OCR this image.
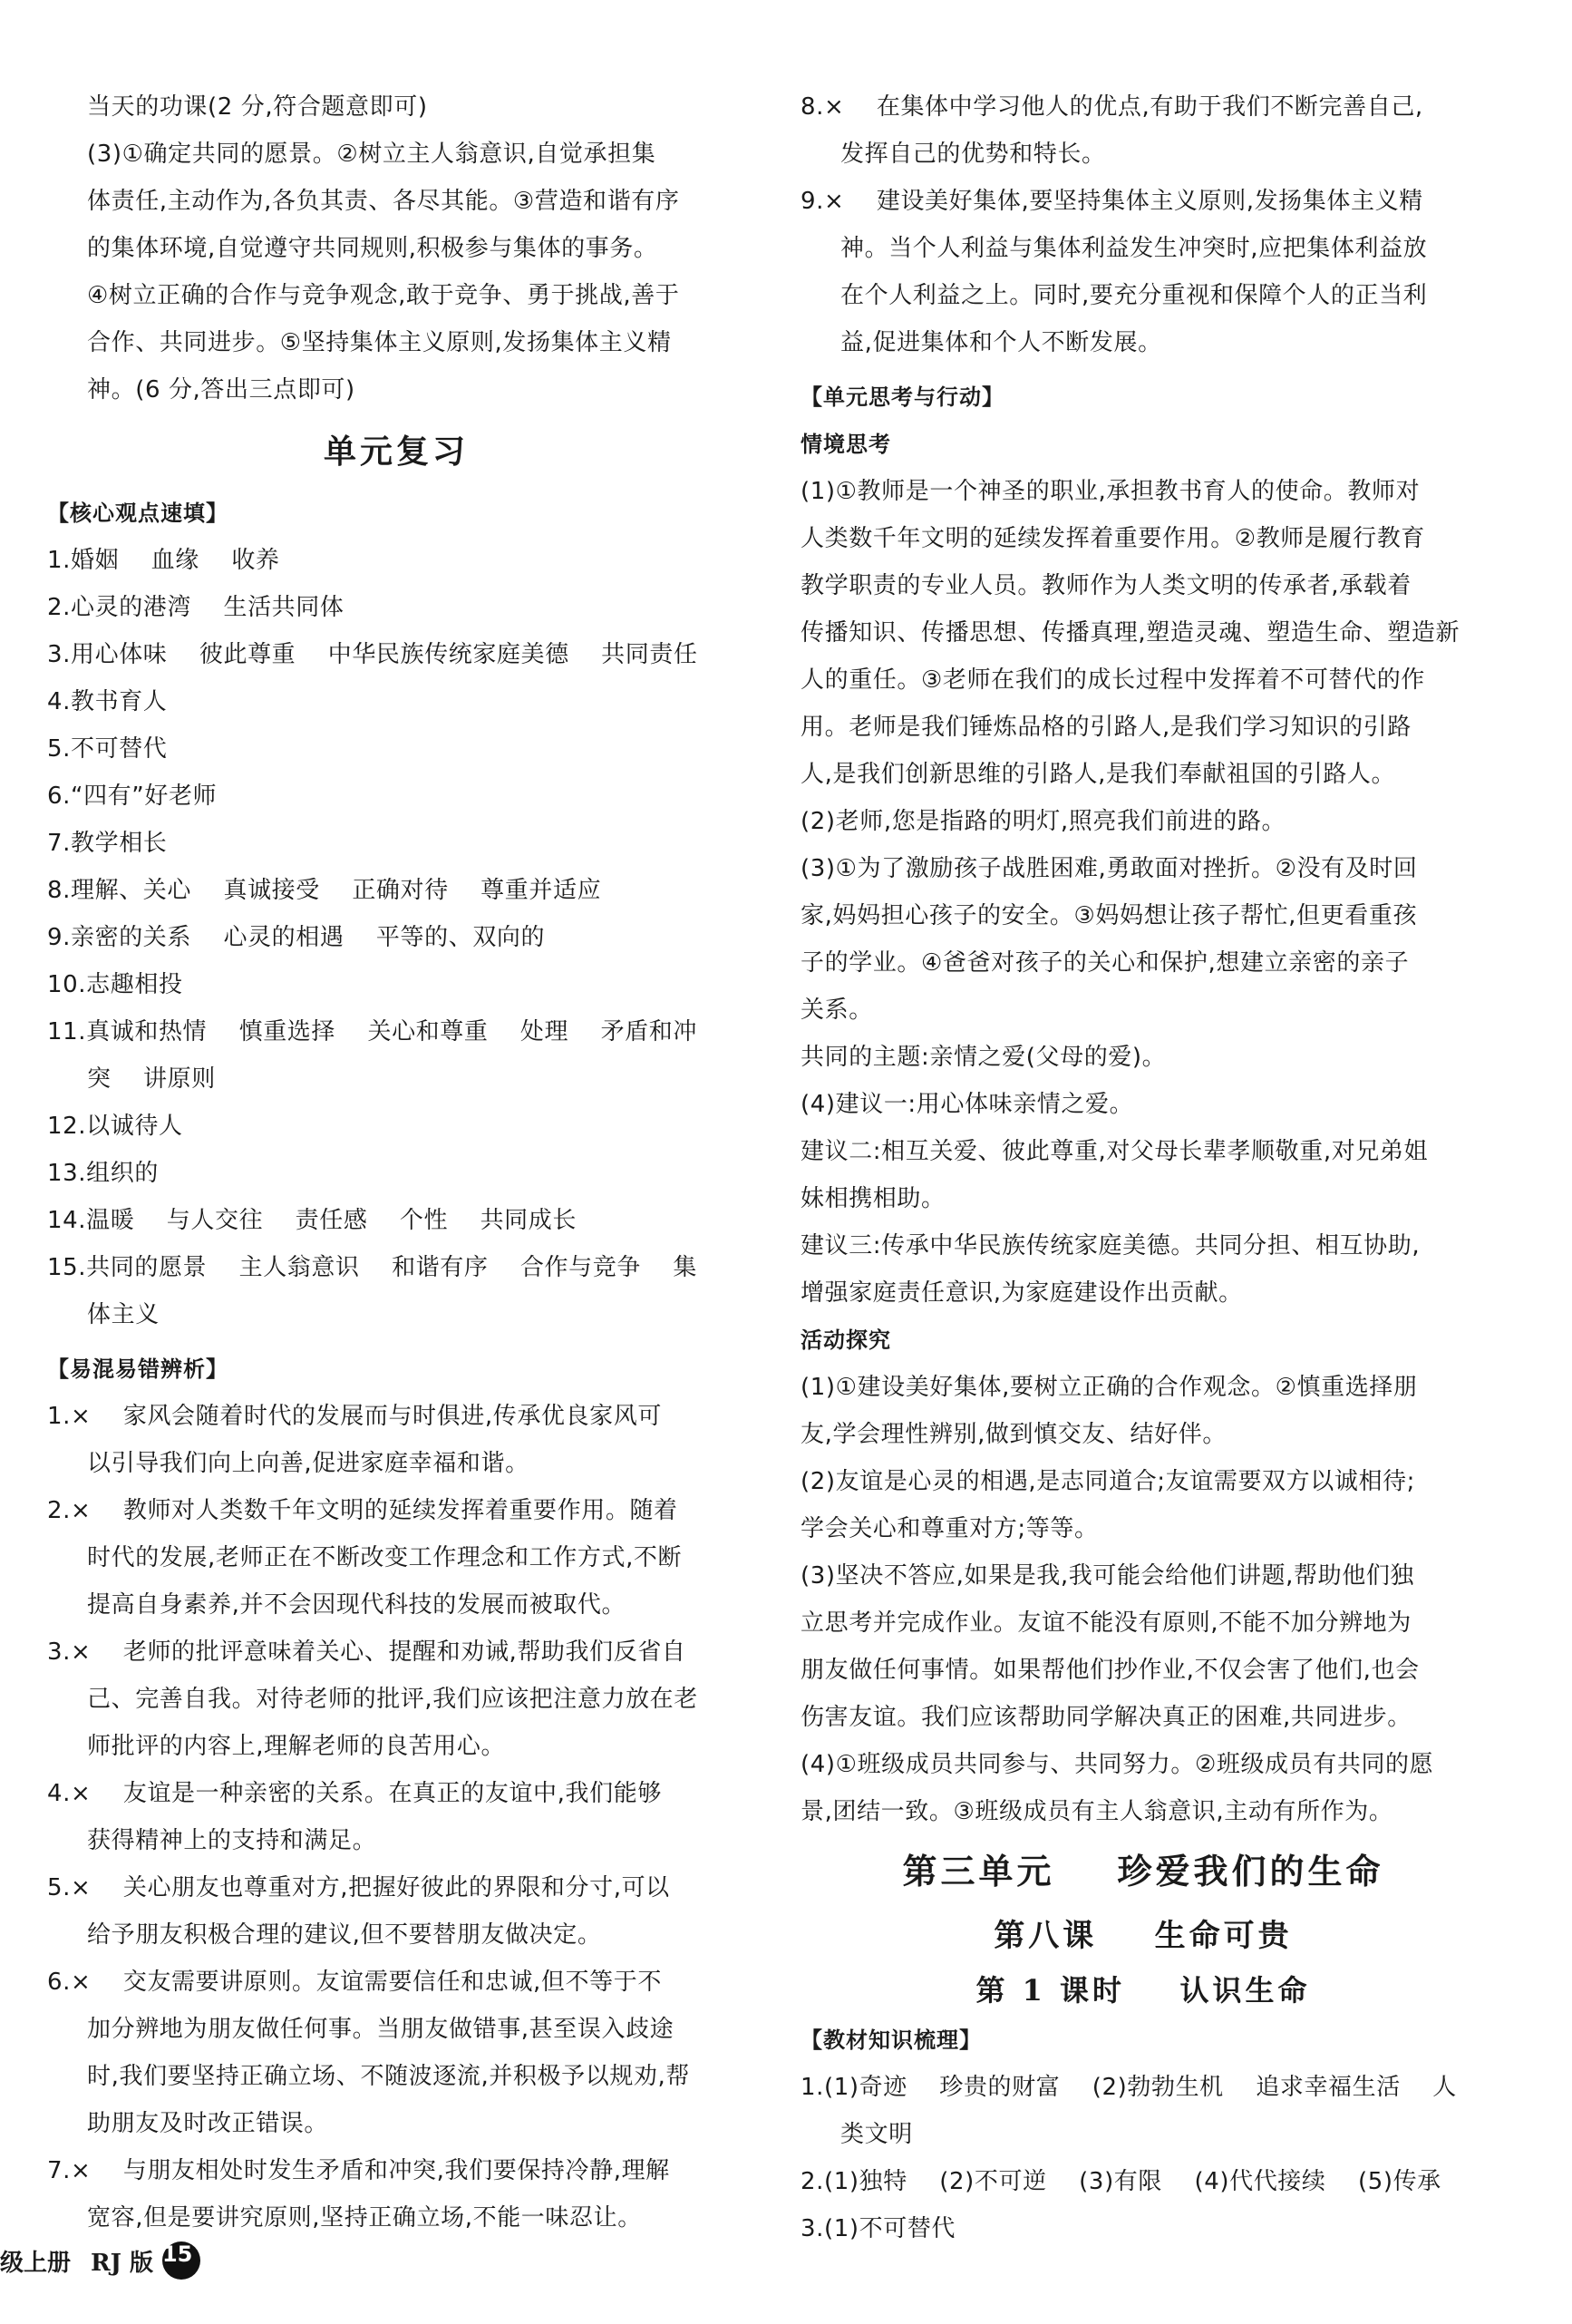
当天的功课(2 分,符合题意即可)
(3)①确定共同的愿景。②树立主人翁意识,自觉承担集
体责任,主动作为,各负其责、各尽其能。③营造和谐有序
的集体环境,自觉遵守共同规则,积极参与集体的事务。
④树立正确的合作与竞争观念,敢于竞争、勇于挑战,善于
合作、共同进步。⑤坚持集体主义原则,发扬集体主义精
神。(6 分,答出三点即可)
单元复习
【核心观点速填】
1.婚姻    血缘    收养
2.心灵的港湾    生活共同体
3.用心体味    彼此尊重    中华民族传统家庭美德    共同责任
4.教书育人
5.不可替代
6.“四有”好老师
7.教学相长
8.理解、关心    真诚接受    正确对待    尊重并适应
9.亲密的关系    心灵的相遇    平等的、双向的
10.志趣相投
11.真诚和热情    慎重选择    关心和尊重    处理    矛盾和冲
突    讲原则
12.以诚待人
13.组织的
14.温暖    与人交往    责任感    个性    共同成长
15.共同的愿景    主人翁意识    和谐有序    合作与竞争    集
体主义
【易混易错辨析】
1.×    家风会随着时代的发展而与时俱进,传承优良家风可
以引导我们向上向善,促进家庭幸福和谐。
2.×    教师对人类数千年文明的延续发挥着重要作用。随着
时代的发展,老师正在不断改变工作理念和工作方式,不断
提高自身素养,并不会因现代科技的发展而被取代。
3.×    老师的批评意味着关心、提醒和劝诫,帮助我们反省自
己、完善自我。对待老师的批评,我们应该把注意力放在老
师批评的内容上,理解老师的良苦用心。
4.×    友谊是一种亲密的关系。在真正的友谊中,我们能够
获得精神上的支持和满足。
5.×    关心朋友也尊重对方,把握好彼此的界限和分寸,可以
给予朋友积极合理的建议,但不要替朋友做决定。
6.×    交友需要讲原则。友谊需要信任和忠诚,但不等于不
加分辨地为朋友做任何事。当朋友做错事,甚至误入歧途
时,我们要坚持正确立场、不随波逐流,并积极予以规劝,帮
助朋友及时改正错误。
7.×    与朋友相处时发生矛盾和冲突,我们要保持冷静,理解
宽容,但是要讲究原则,坚持正确立场,不能一味忍让。
8.×    在集体中学习他人的优点,有助于我们不断完善自己,
发挥自己的优势和特长。
9.×    建设美好集体,要坚持集体主义原则,发扬集体主义精
神。当个人利益与集体利益发生冲突时,应把集体利益放
在个人利益之上。同时,要充分重视和保障个人的正当利
益,促进集体和个人不断发展。
【单元思考与行动】
情境思考
(1)①教师是一个神圣的职业,承担教书育人的使命。教师对
人类数千年文明的延续发挥着重要作用。②教师是履行教育
教学职责的专业人员。教师作为人类文明的传承者,承载着
传播知识、传播思想、传播真理,塑造灵魂、塑造生命、塑造新
人的重任。③老师在我们的成长过程中发挥着不可替代的作
用。老师是我们锤炼品格的引路人,是我们学习知识的引路
人,是我们创新思维的引路人,是我们奉献祖国的引路人。
(2)老师,您是指路的明灯,照亮我们前进的路。
(3)①为了激励孩子战胜困难,勇敢面对挫折。②没有及时回
家,妈妈担心孩子的安全。③妈妈想让孩子帮忙,但更看重孩
子的学业。④爸爸对孩子的关心和保护,想建立亲密的亲子
关系。
共同的主题:亲情之爱(父母的爱)。
(4)建议一:用心体味亲情之爱。
建议二:相互关爱、彼此尊重,对父母长辈孝顺敬重,对兄弟姐
妹相携相助。
建议三:传承中华民族传统家庭美德。共同分担、相互协助,
增强家庭责任意识,为家庭建设作出贡献。
活动探究
(1)①建设美好集体,要树立正确的合作观念。②慎重选择朋
友,学会理性辨别,做到慎交友、结好伴。
(2)友谊是心灵的相遇,是志同道合;友谊需要双方以诚相待;
学会关心和尊重对方;等等。
(3)坚决不答应,如果是我,我可能会给他们讲题,帮助他们独
立思考并完成作业。友谊不能没有原则,不能不加分辨地为
朋友做任何事情。如果帮他们抄作业,不仅会害了他们,也会
伤害友谊。我们应该帮助同学解决真正的困难,共同进步。
(4)①班级成员共同参与、共同努力。②班级成员有共同的愿
景,团结一致。③班级成员有主人翁意识,主动有所作为。
第三单元    珍爱我们的生命
第八课    生命可贵
第 1 课时    认识生命
【教材知识梳理】
1.(1)奇迹    珍贵的财富    (2)勃勃生机    追求幸福生活    人
类文明
2.(1)独特    (2)不可逆    (3)有限    (4)代代接续    (5)传承
3.(1)不可替代
级上册 RJ 版 15
